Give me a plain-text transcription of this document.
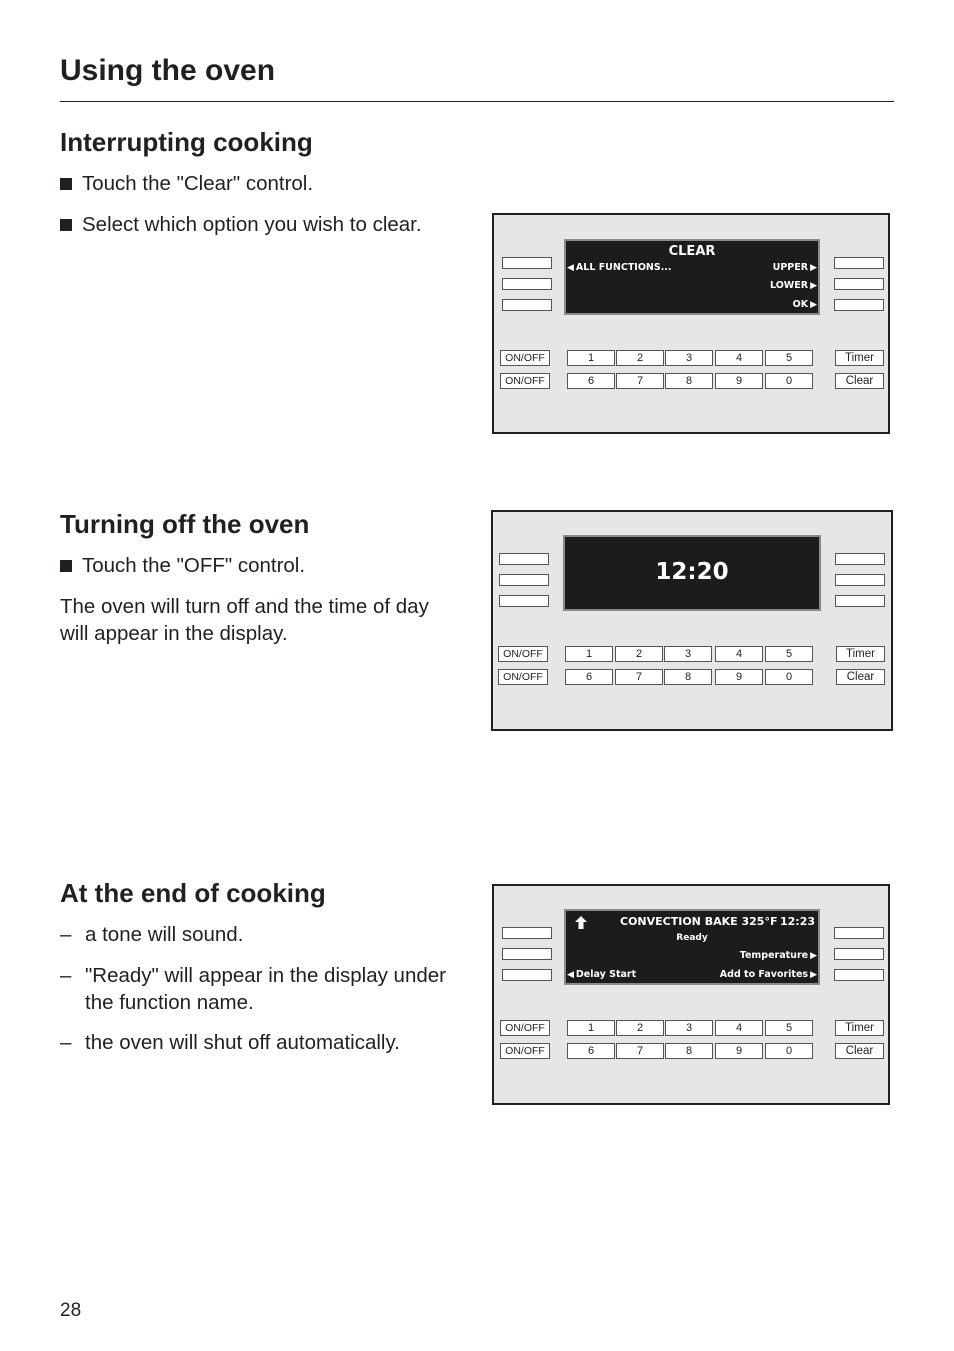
Using the oven
Interrupting cooking

Touch the "Clear" control.

Select which option you wish to clear.

CLEAR
◀ ALL FUNCTIONS...	UPPER ▶
LOWER ▶
OK ▶
ON/OFF
ON/OFF
1	2	3	4	5
6	7	8	9	0
Timer
Clear
Turning off the oven

Touch the "OFF" control.

The oven will turn off and the time of day will appear in the display.

12:20
ON/OFF
ON/OFF
1	2	3	4	5
6	7	8	9	0
Timer
Clear
At the end of cooking

– a tone will sound.

– "Ready" will appear in the display under the function name.

– the oven will shut off automatically.

CONVECTION BAKE 325°F 12:23
Ready
Temperature ▶
◀ Delay Start	Add to Favorites ▶
ON/OFF
ON/OFF
1	2	3	4	5
6	7	8	9	0
Timer
Clear
28
